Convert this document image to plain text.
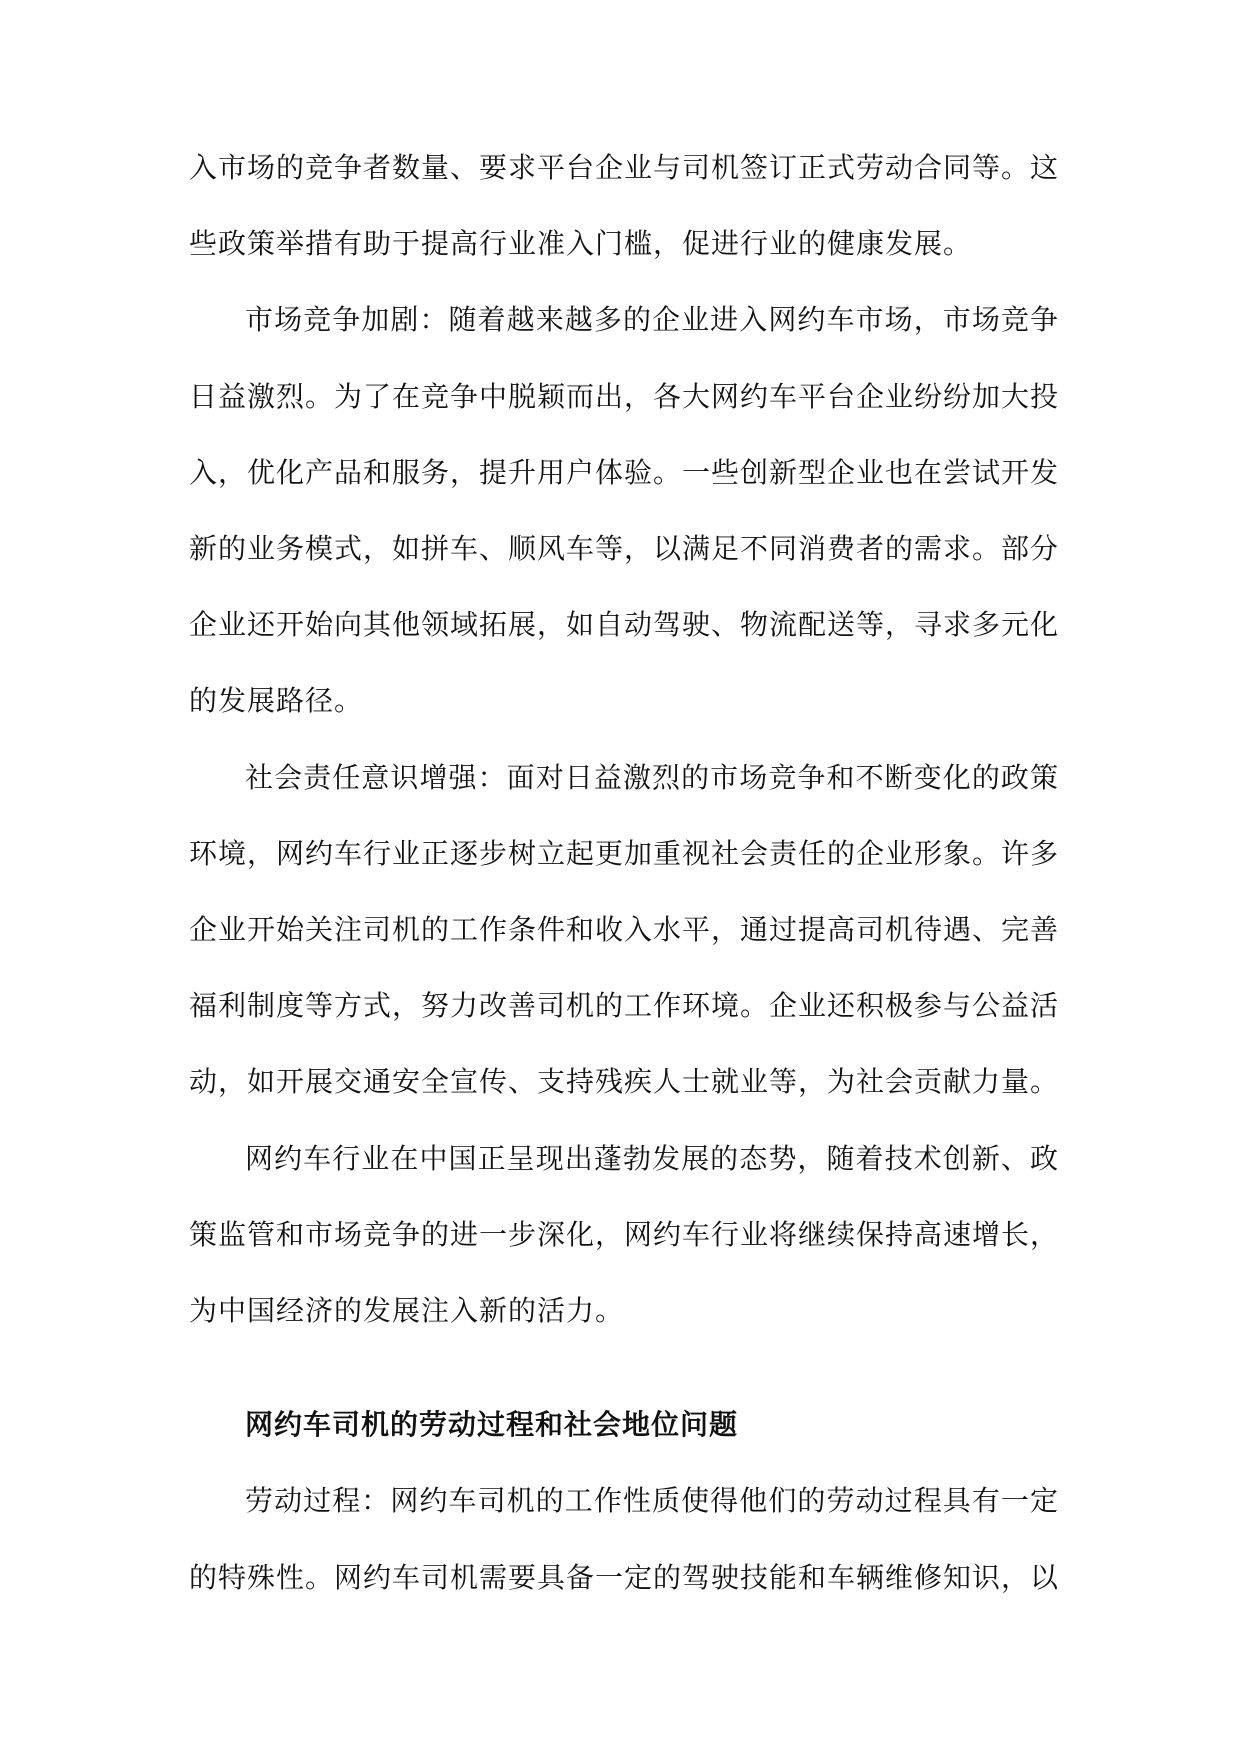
入市场的竞争者数量、要求平台企业与司机签订正式劳动合同等。这些政策举措有助于提高行业准入门槛，促进行业的健康发展。

市场竞争加剧：随着越来越多的企业进入网约车市场，市场竞争日益激烈。为了在竞争中脱颖而出，各大网约车平台企业纷纷加大投入，优化产品和服务，提升用户体验。一些创新型企业也在尝试开发新的业务模式，如拼车、顺风车等，以满足不同消费者的需求。部分企业还开始向其他领域拓展，如自动驾驶、物流配送等，寻求多元化的发展路径。

社会责任意识增强：面对日益激烈的市场竞争和不断变化的政策环境，网约车行业正逐步树立起更加重视社会责任的企业形象。许多企业开始关注司机的工作条件和收入水平，通过提高司机待遇、完善福利制度等方式，努力改善司机的工作环境。企业还积极参与公益活动，如开展交通安全宣传、支持残疾人士就业等，为社会贡献力量。

网约车行业在中国正呈现出蓬勃发展的态势，随着技术创新、政策监管和市场竞争的进一步深化，网约车行业将继续保持高速增长，为中国经济的发展注入新的活力。

网约车司机的劳动过程和社会地位问题

劳动过程：网约车司机的工作性质使得他们的劳动过程具有一定的特殊性。网约车司机需要具备一定的驾驶技能和车辆维修知识，以
